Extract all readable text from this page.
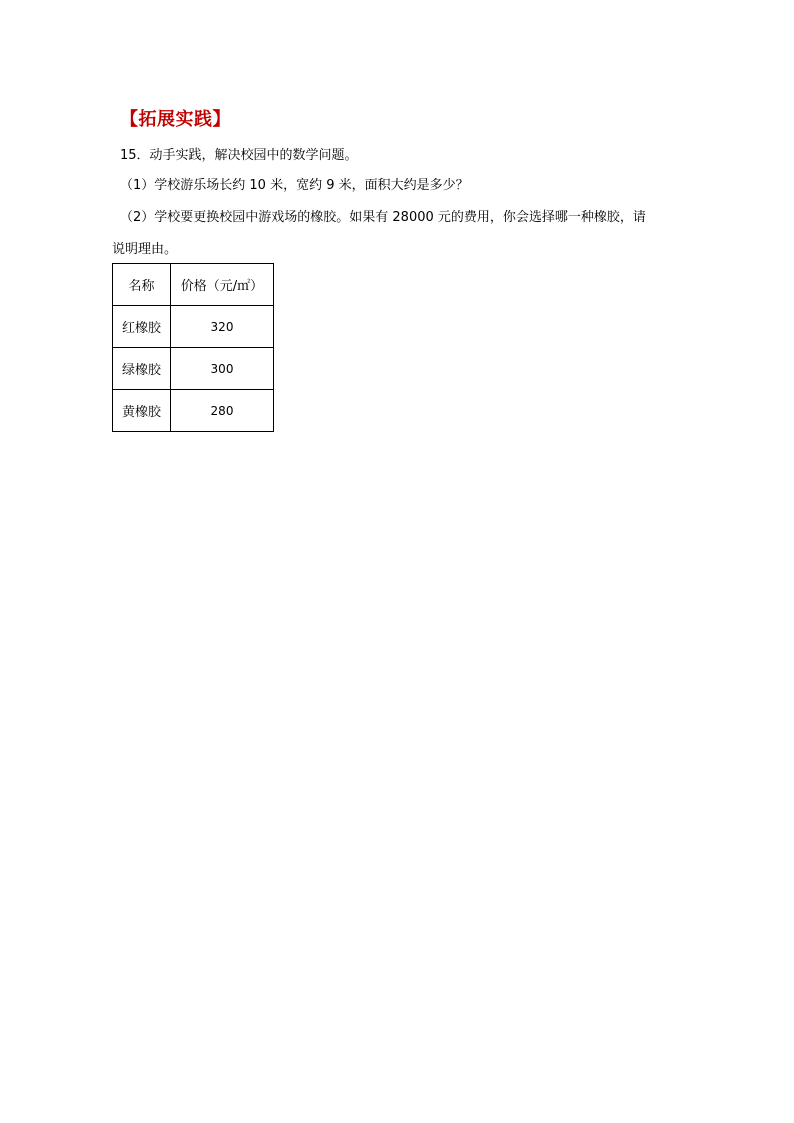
【拓展实践】
15．动手实践，解决校园中的数学问题。
（1）学校游乐场长约 10 米，宽约 9 米，面积大约是多少？
（2）学校要更换校园中游戏场的橡胶。如果有 28000 元的费用，你会选择哪一种橡胶，请
说明理由。
名称	价格（元/㎡）
红橡胶	320
绿橡胶	300
黄橡胶	280
